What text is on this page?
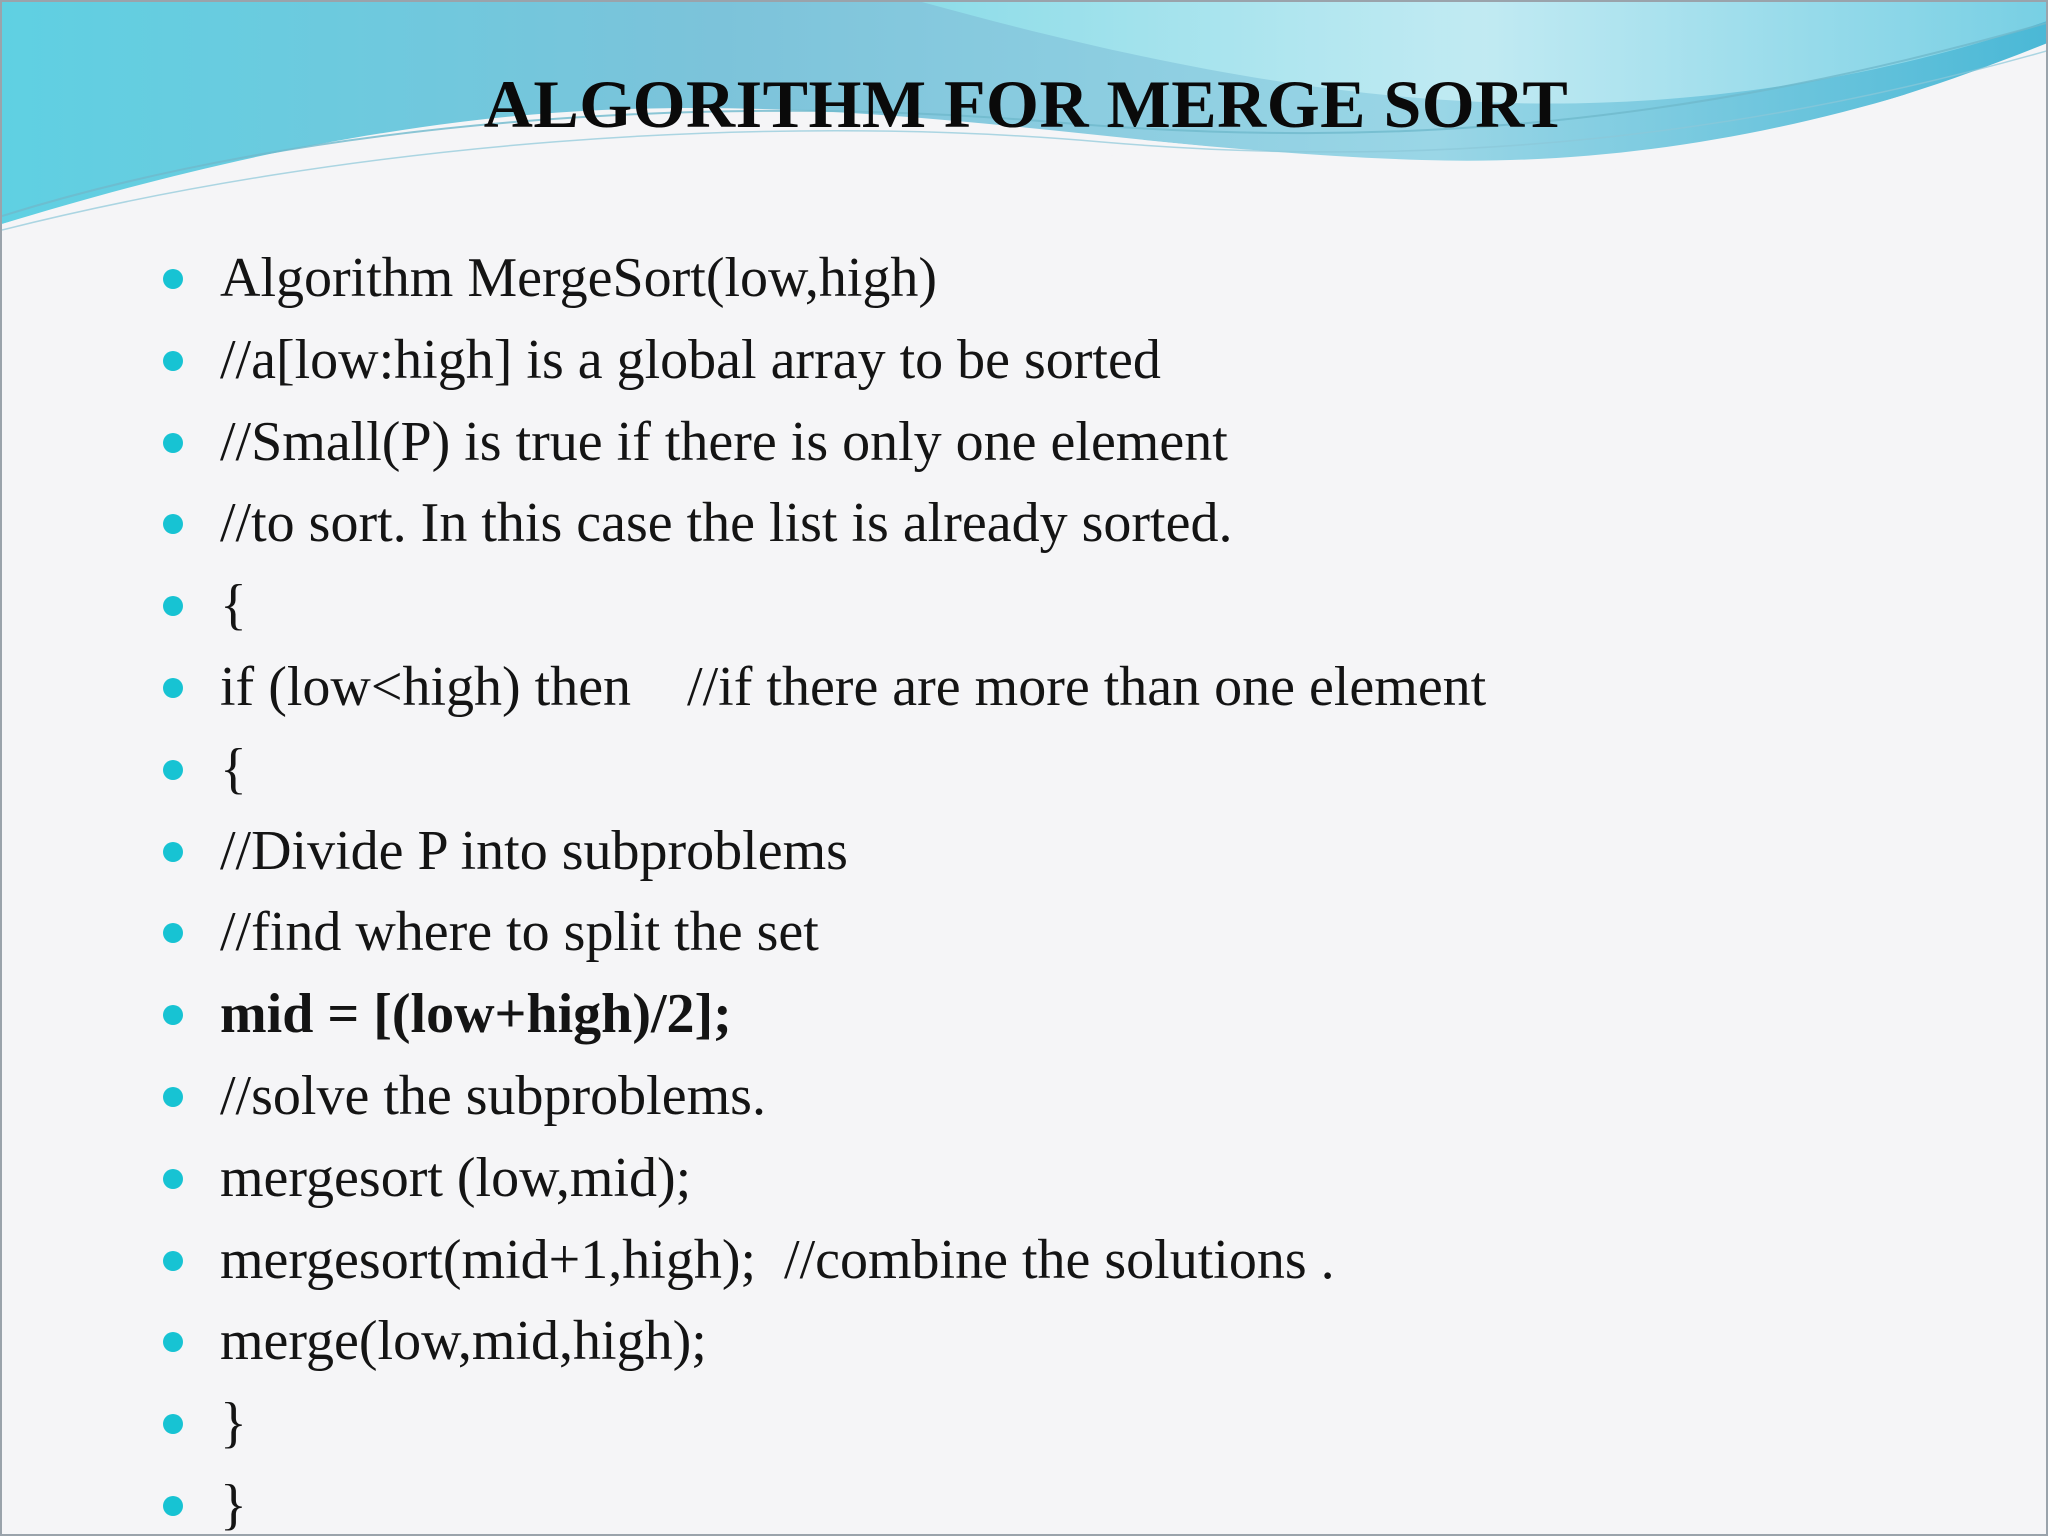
ALGORITHM FOR MERGE SORT
Algorithm MergeSort(low,high)
//a[low:high] is a global array to be sorted
//Small(P) is true if there is only one element
//to sort. In this case the list is already sorted.
{
if (low<high) then    //if there are more than one element
{
//Divide P into subproblems
//find where to split the set
mid = [(low+high)/2];
//solve the subproblems.
mergesort (low,mid);
mergesort(mid+1,high);  //combine the solutions .
merge(low,mid,high);
}
}
